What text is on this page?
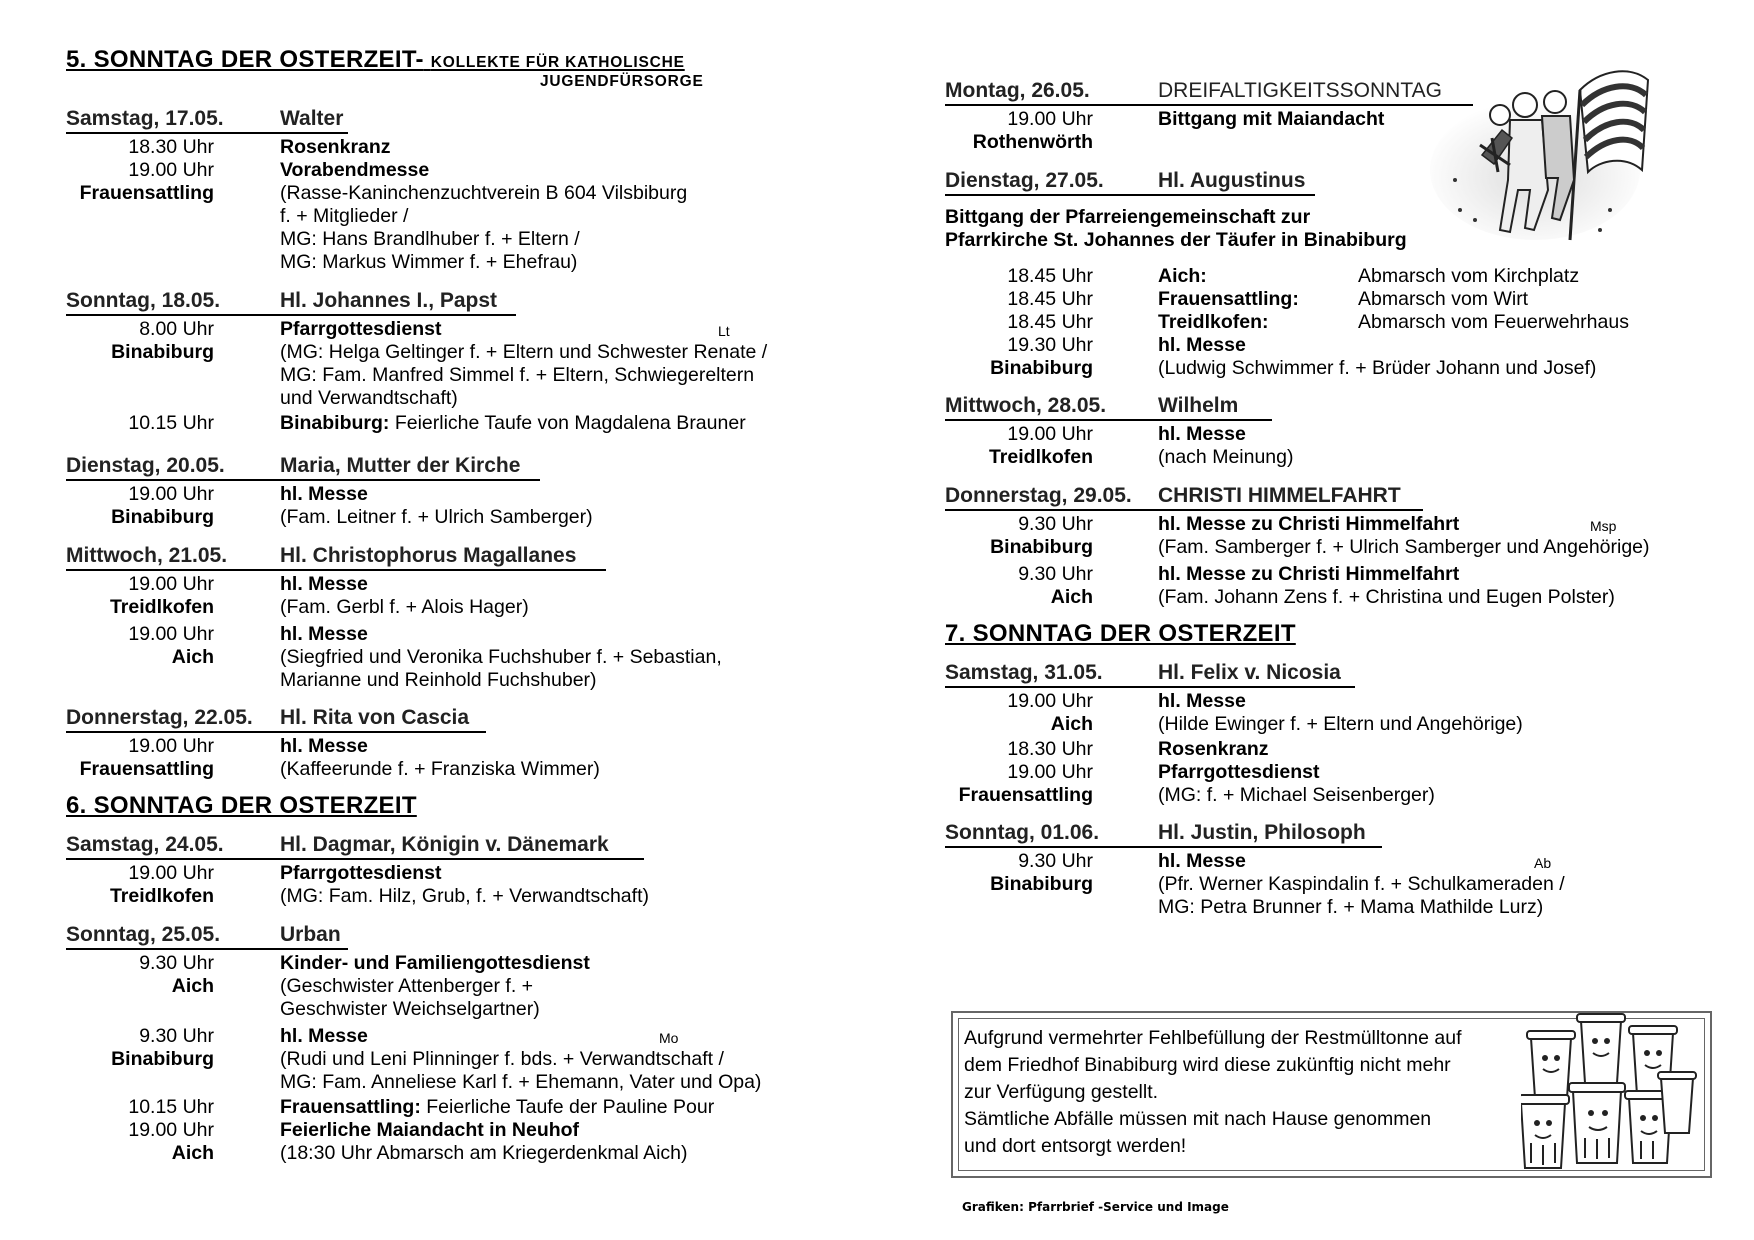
5. SONNTAG DER OSTERZEIT- KOLLEKTE FÜR KATHOLISCHE
JUGENDFÜRSORGE
Samstag, 17.05.	Walter
18.30 Uhr	Rosenkranz
19.00 Uhr	Vorabendmesse
Frauensattling	(Rasse-Kaninchenzuchtverein B 604 Vilsbiburg
f. + Mitglieder /
MG: Hans Brandlhuber f. + Eltern /
MG: Markus Wimmer f. + Ehefrau)
Sonntag, 18.05.	Hl. Johannes I., Papst
8.00 Uhr	Pfarrgottesdienst	Lt
Binabiburg	(MG: Helga Geltinger f. + Eltern und Schwester Renate /
MG: Fam. Manfred Simmel f. + Eltern, Schwiegereltern
und Verwandtschaft)
10.15 Uhr	Binabiburg: Feierliche Taufe von Magdalena Brauner
Dienstag, 20.05.	Maria, Mutter der Kirche
19.00 Uhr	hl. Messe
Binabiburg	(Fam. Leitner f. + Ulrich Samberger)
Mittwoch, 21.05.	Hl. Christophorus Magallanes
19.00 Uhr	hl. Messe
Treidlkofen	(Fam. Gerbl f. + Alois Hager)
19.00 Uhr	hl. Messe
Aich	(Siegfried und Veronika Fuchshuber f. + Sebastian,
Marianne und Reinhold Fuchshuber)
Donnerstag, 22.05. Hl. Rita von Cascia
19.00 Uhr	hl. Messe
Frauensattling	(Kaffeerunde f. + Franziska Wimmer)
6. SONNTAG DER OSTERZEIT
Samstag, 24.05.	Hl. Dagmar, Königin v. Dänemark
19.00 Uhr	Pfarrgottesdienst
Treidlkofen	(MG: Fam. Hilz, Grub, f. + Verwandtschaft)
Sonntag, 25.05.	Urban
9.30 Uhr	Kinder- und Familiengottesdienst
Aich	(Geschwister Attenberger f. +
Geschwister Weichselgartner)
9.30 Uhr	hl. Messe	Mo
Binabiburg	(Rudi und Leni Plinninger f. bds. + Verwandtschaft /
MG: Fam. Anneliese Karl f. + Ehemann, Vater und Opa)
10.15 Uhr	Frauensattling: Feierliche Taufe der Pauline Pour
19.00 Uhr	Feierliche Maiandacht in Neuhof
Aich	(18:30 Uhr Abmarsch am Kriegerdenkmal Aich)
Montag, 26.05.	DREIFALTIGKEITSSONNTAG
19.00 Uhr	Bittgang mit Maiandacht
Rothenwörth
Dienstag, 27.05.	Hl. Augustinus
Bittgang der Pfarreiengemeinschaft zur
Pfarrkirche St. Johannes der Täufer in Binabiburg
18.45 Uhr	Aich:	Abmarsch vom Kirchplatz
18.45 Uhr	Frauensattling:	Abmarsch vom Wirt
18.45 Uhr	Treidlkofen:	Abmarsch vom Feuerwehrhaus
19.30 Uhr	hl. Messe
Binabiburg	(Ludwig Schwimmer f. + Brüder Johann und Josef)
Mittwoch, 28.05. Wilhelm
19.00 Uhr	hl. Messe
Treidlkofen	(nach Meinung)
Donnerstag, 29.05. CHRISTI HIMMELFAHRT
9.30 Uhr	hl. Messe zu Christi Himmelfahrt	Msp
Binabiburg	(Fam. Samberger f. + Ulrich Samberger und Angehörige)
9.30 Uhr	hl. Messe zu Christi Himmelfahrt
Aich	(Fam. Johann Zens f. + Christina und Eugen Polster)
7. SONNTAG DER OSTERZEIT
Samstag, 31.05.	Hl. Felix v. Nicosia
19.00 Uhr	hl. Messe
Aich	(Hilde Ewinger f. + Eltern und Angehörige)
18.30 Uhr	Rosenkranz
19.00 Uhr	Pfarrgottesdienst
Frauensattling	(MG: f. + Michael Seisenberger)
Sonntag, 01.06.	Hl. Justin, Philosoph
9.30 Uhr	hl. Messe	Ab
Binabiburg	(Pfr. Werner Kaspindalin f. + Schulkameraden /
MG: Petra Brunner f. + Mama Mathilde Lurz)
Aufgrund vermehrter Fehlbefüllung der Restmülltonne auf
dem Friedhof Binabiburg wird diese zukünftig nicht mehr
zur Verfügung gestellt.
Sämtliche Abfälle müssen mit nach Hause genommen
und dort entsorgt werden!
Grafiken: Pfarrbrief -Service und Image
